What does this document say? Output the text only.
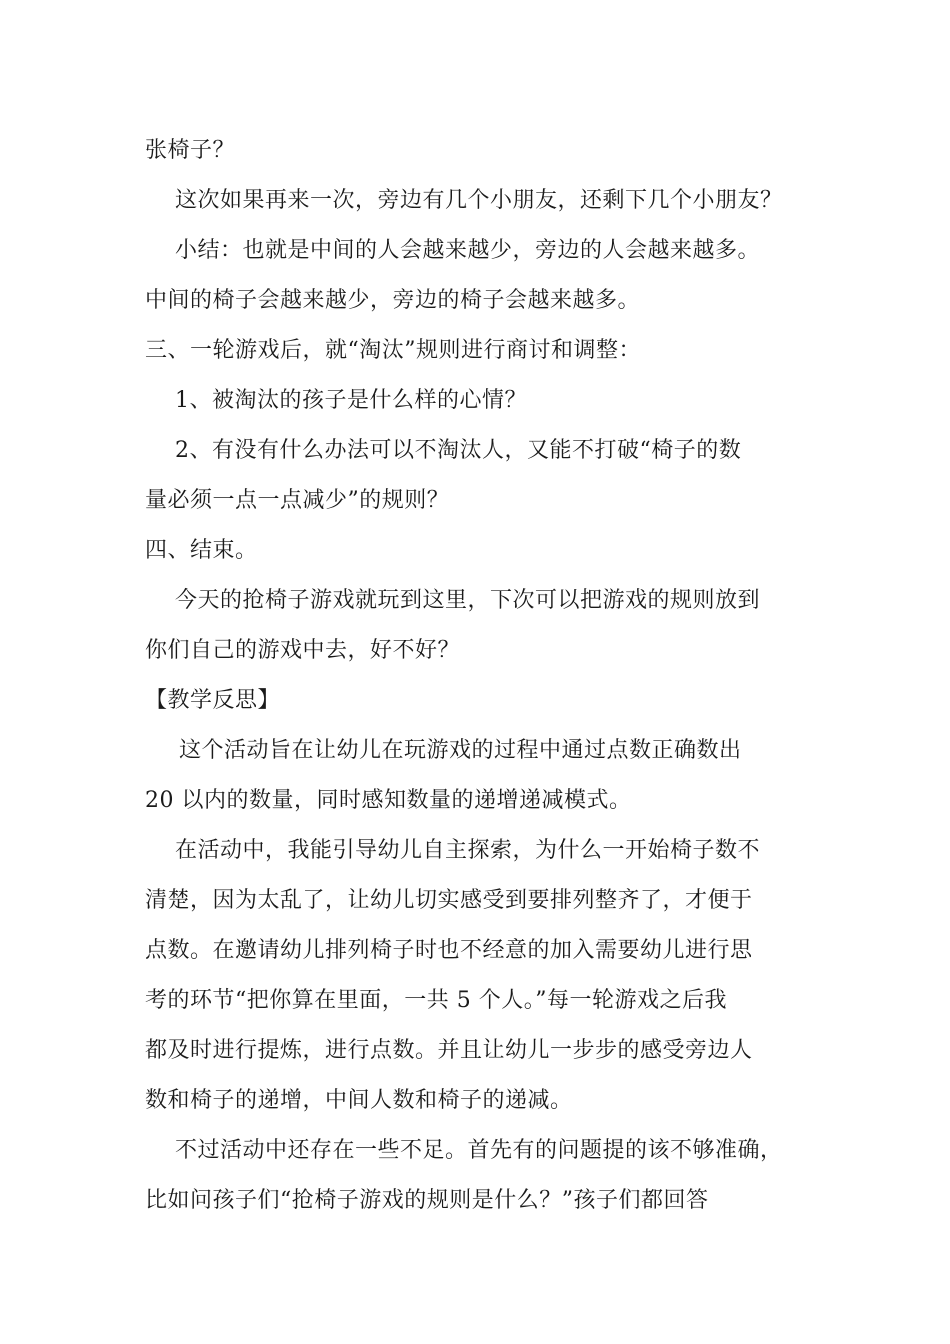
张椅子？
这次如果再来一次，旁边有几个小朋友，还剩下几个小朋友？
小结：也就是中间的人会越来越少，旁边的人会越来越多。
中间的椅子会越来越少，旁边的椅子会越来越多。
三、一轮游戏后，就“淘汰”规则进行商讨和调整：
1、被淘汰的孩子是什么样的心情？
2、有没有什么办法可以不淘汰人，又能不打破“椅子的数
量必须一点一点减少”的规则？
四、结束。
今天的抢椅子游戏就玩到这里，下次可以把游戏的规则放到
你们自己的游戏中去，好不好？
【教学反思】
这个活动旨在让幼儿在玩游戏的过程中通过点数正确数出
20 以内的数量，同时感知数量的递增递减模式。
在活动中，我能引导幼儿自主探索，为什么一开始椅子数不
清楚，因为太乱了，让幼儿切实感受到要排列整齐了，才便于
点数。在邀请幼儿排列椅子时也不经意的加入需要幼儿进行思
考的环节“把你算在里面，一共 5 个人。”每一轮游戏之后我
都及时进行提炼，进行点数。并且让幼儿一步步的感受旁边人
数和椅子的递增，中间人数和椅子的递减。
不过活动中还存在一些不足。首先有的问题提的该不够准确，
比如问孩子们“抢椅子游戏的规则是什么？”孩子们都回答
